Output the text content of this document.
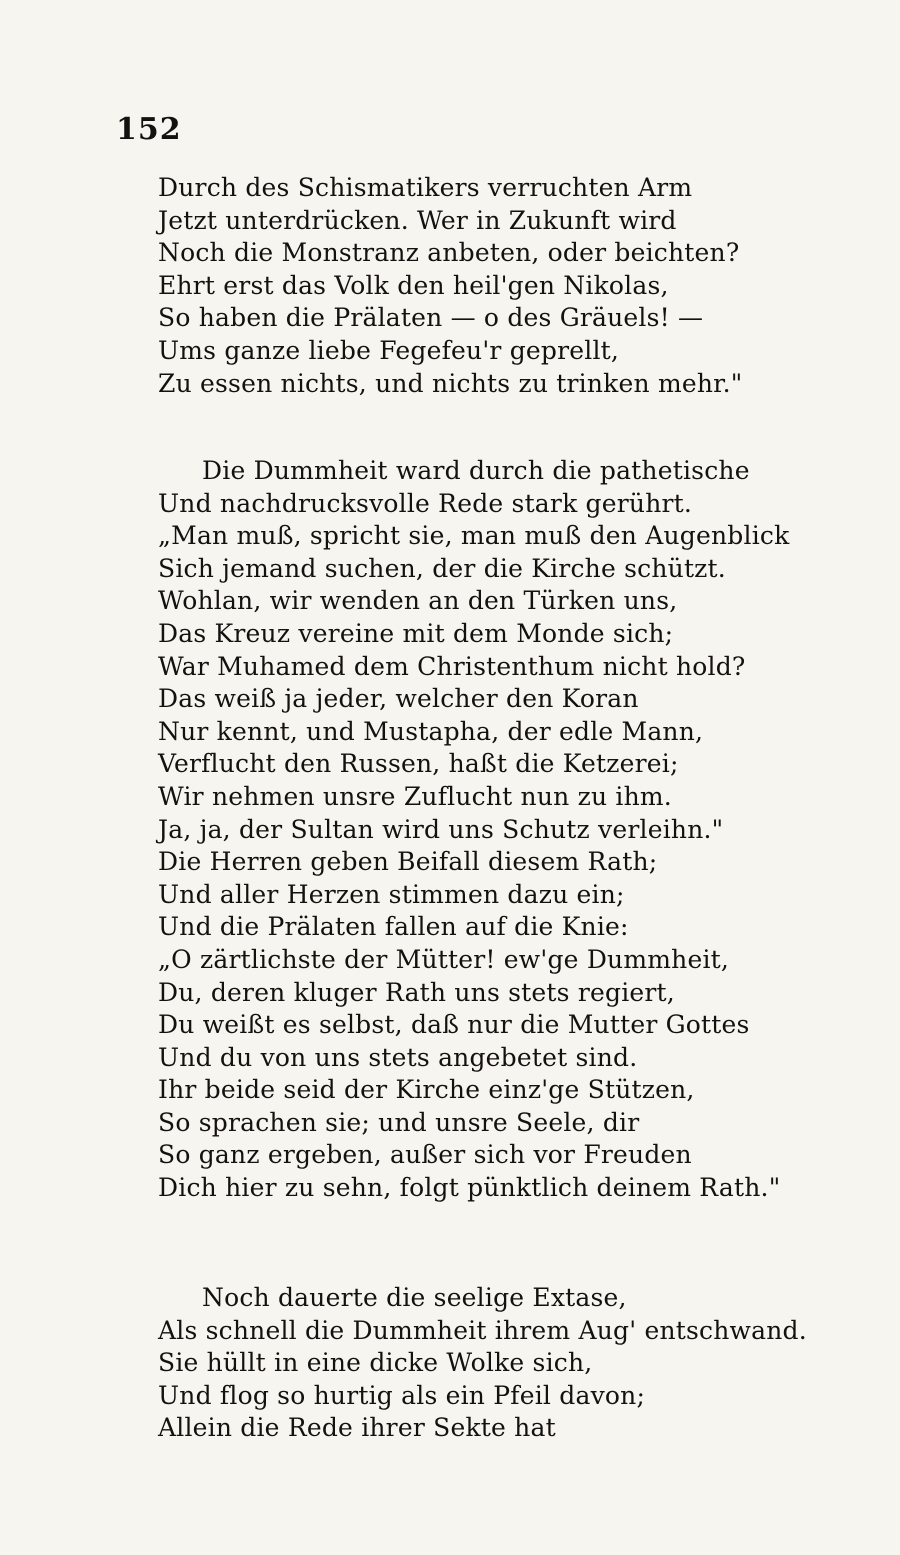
152
Durch des Schismatikers verruchten Arm
Jetzt unterdrücken. Wer in Zukunft wird
Noch die Monstranz anbeten, oder beichten?
Ehrt erst das Volk den heil'gen Nikolas,
So haben die Prälaten — o des Gräuels! —
Ums ganze liebe Fegefeu'r geprellt,
Zu essen nichts, und nichts zu trinken mehr."
Die Dummheit ward durch die pathetische
Und nachdrucksvolle Rede stark gerührt.
„Man muß, spricht sie, man muß den Augenblick
Sich jemand suchen, der die Kirche schützt.
Wohlan, wir wenden an den Türken uns,
Das Kreuz vereine mit dem Monde sich;
War Muhamed dem Christenthum nicht hold?
Das weiß ja jeder, welcher den Koran
Nur kennt, und Mustapha, der edle Mann,
Verflucht den Russen, haßt die Ketzerei;
Wir nehmen unsre Zuflucht nun zu ihm.
Ja, ja, der Sultan wird uns Schutz verleihn."
Die Herren geben Beifall diesem Rath;
Und aller Herzen stimmen dazu ein;
Und die Prälaten fallen auf die Knie:
„O zärtlichste der Mütter! ew'ge Dummheit,
Du, deren kluger Rath uns stets regiert,
Du weißt es selbst, daß nur die Mutter Gottes
Und du von uns stets angebetet sind.
Ihr beide seid der Kirche einz'ge Stützen,
So sprachen sie; und unsre Seele, dir
So ganz ergeben, außer sich vor Freuden
Dich hier zu sehn, folgt pünktlich deinem Rath."
Noch dauerte die seelige Extase,
Als schnell die Dummheit ihrem Aug' entschwand.
Sie hüllt in eine dicke Wolke sich,
Und flog so hurtig als ein Pfeil davon;
Allein die Rede ihrer Sekte hat
